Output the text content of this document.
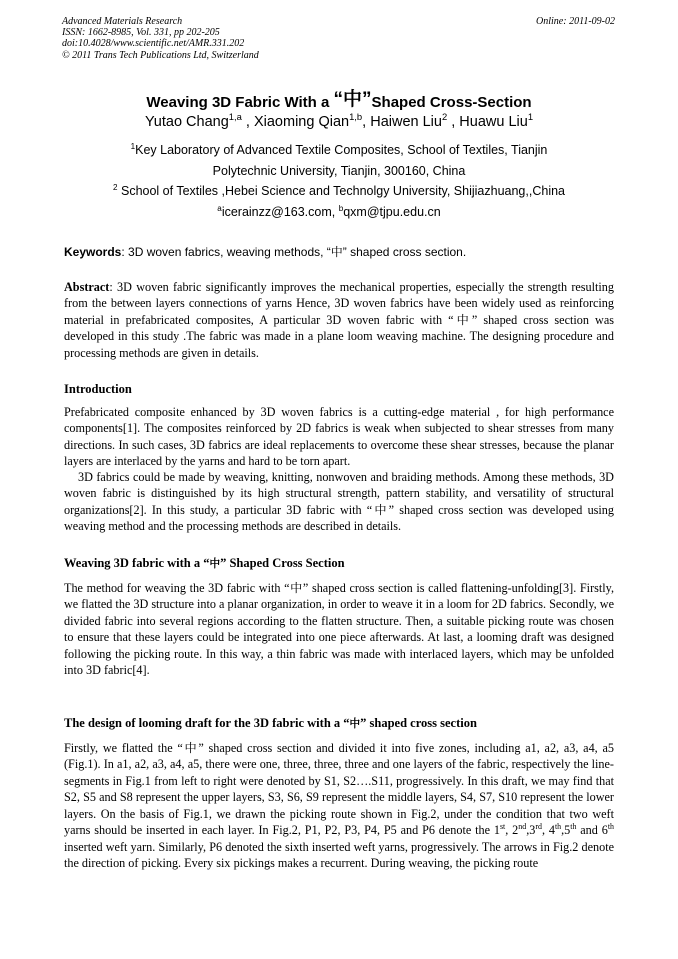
Advanced Materials Research
ISSN: 1662-8985, Vol. 331, pp 202-205
doi:10.4028/www.scientific.net/AMR.331.202
© 2011 Trans Tech Publications Ltd, Switzerland
Online: 2011-09-02
Weaving 3D Fabric With a “中”Shaped Cross-Section
Yutao Chang$^{1,a}$ , Xiaoming Qian$^{1,b}$, Haiwen Liu$^2$ , Huawu Liu$^1$
$^1$Key Laboratory of Advanced Textile Composites, School of Textiles, Tianjin
Polytechnic University, Tianjin, 300160, China
$^2$ School of Textiles ,Hebei Science and Technolgy University, Shijiazhuang,,China
$^a$icerainzz@163.com, $^b$qxm@tjpu.edu.cn
Keywords: 3D woven fabrics, weaving methods, “中” shaped cross section.

Abstract: 3D woven fabric significantly improves the mechanical properties, especially the strength resulting from the between layers connections of yarns Hence, 3D woven fabrics have been widely used as reinforcing material in prefabricated composites, A particular 3D woven fabric with “中” shaped cross section was developed in this study .The fabric was made in a plane loom weaving machine. The designing procedure and processing methods are given in details.

Introduction

Prefabricated composite enhanced by 3D woven fabrics is a cutting-edge material , for high performance components[1]. The composites reinforced by 2D fabrics is weak when subjected to shear stresses from many directions. In such cases, 3D fabrics are ideal replacements to overcome these shear stresses, because the planar layers are interlaced by the yarns and hard to be torn apart.

3D fabrics could be made by weaving, knitting, nonwoven and braiding methods. Among these methods, 3D woven fabric is distinguished by its high structural strength, pattern stability, and versatility of structural organizations[2]. In this study, a particular 3D fabric with “中” shaped cross section was developed using weaving method and the processing methods are described in details.

Weaving 3D fabric with a “中” Shaped Cross Section

The method for weaving the 3D fabric with “中” shaped cross section is called flattening-unfolding[3]. Firstly, we flatted the 3D structure into a planar organization, in order to weave it in a loom for 2D fabrics. Secondly, we divided fabric into several regions according to the flatten structure. Then, a suitable picking route was chosen to ensure that these layers could be integrated into one piece afterwards. At last, a looming draft was designed following the picking route. In this way, a thin fabric was made with interlaced layers, which may be unfolded into 3D fabric[4].

The design of looming draft for the 3D fabric with a “中” shaped cross section

Firstly, we flatted the “中” shaped cross section and divided it into five zones, including a1, a2, a3, a4, a5 (Fig.1). In a1, a2, a3, a4, a5, there were one, three, three, three and one layers of the fabric, respectively the line-segments in Fig.1 from left to right were denoted by S1, S2….S11, progressively. In this draft, we may find that S2, S5 and S8 represent the upper layers, S3, S6, S9 represent the middle layers, S4, S7, S10 represent the lower layers. On the basis of Fig.1, we drawn the picking route shown in Fig.2, under the condition that two weft yarns should be inserted in each layer. In Fig.2, P1, P2, P3, P4, P5 and P6 denote the 1st, 2nd,3rd, 4th,5th and 6th inserted weft yarn. Similarly, P6 denoted the sixth inserted weft yarns, progressively. The arrows in Fig.2 denote the direction of picking. Every six pickings makes a recurrent. During weaving, the picking route
